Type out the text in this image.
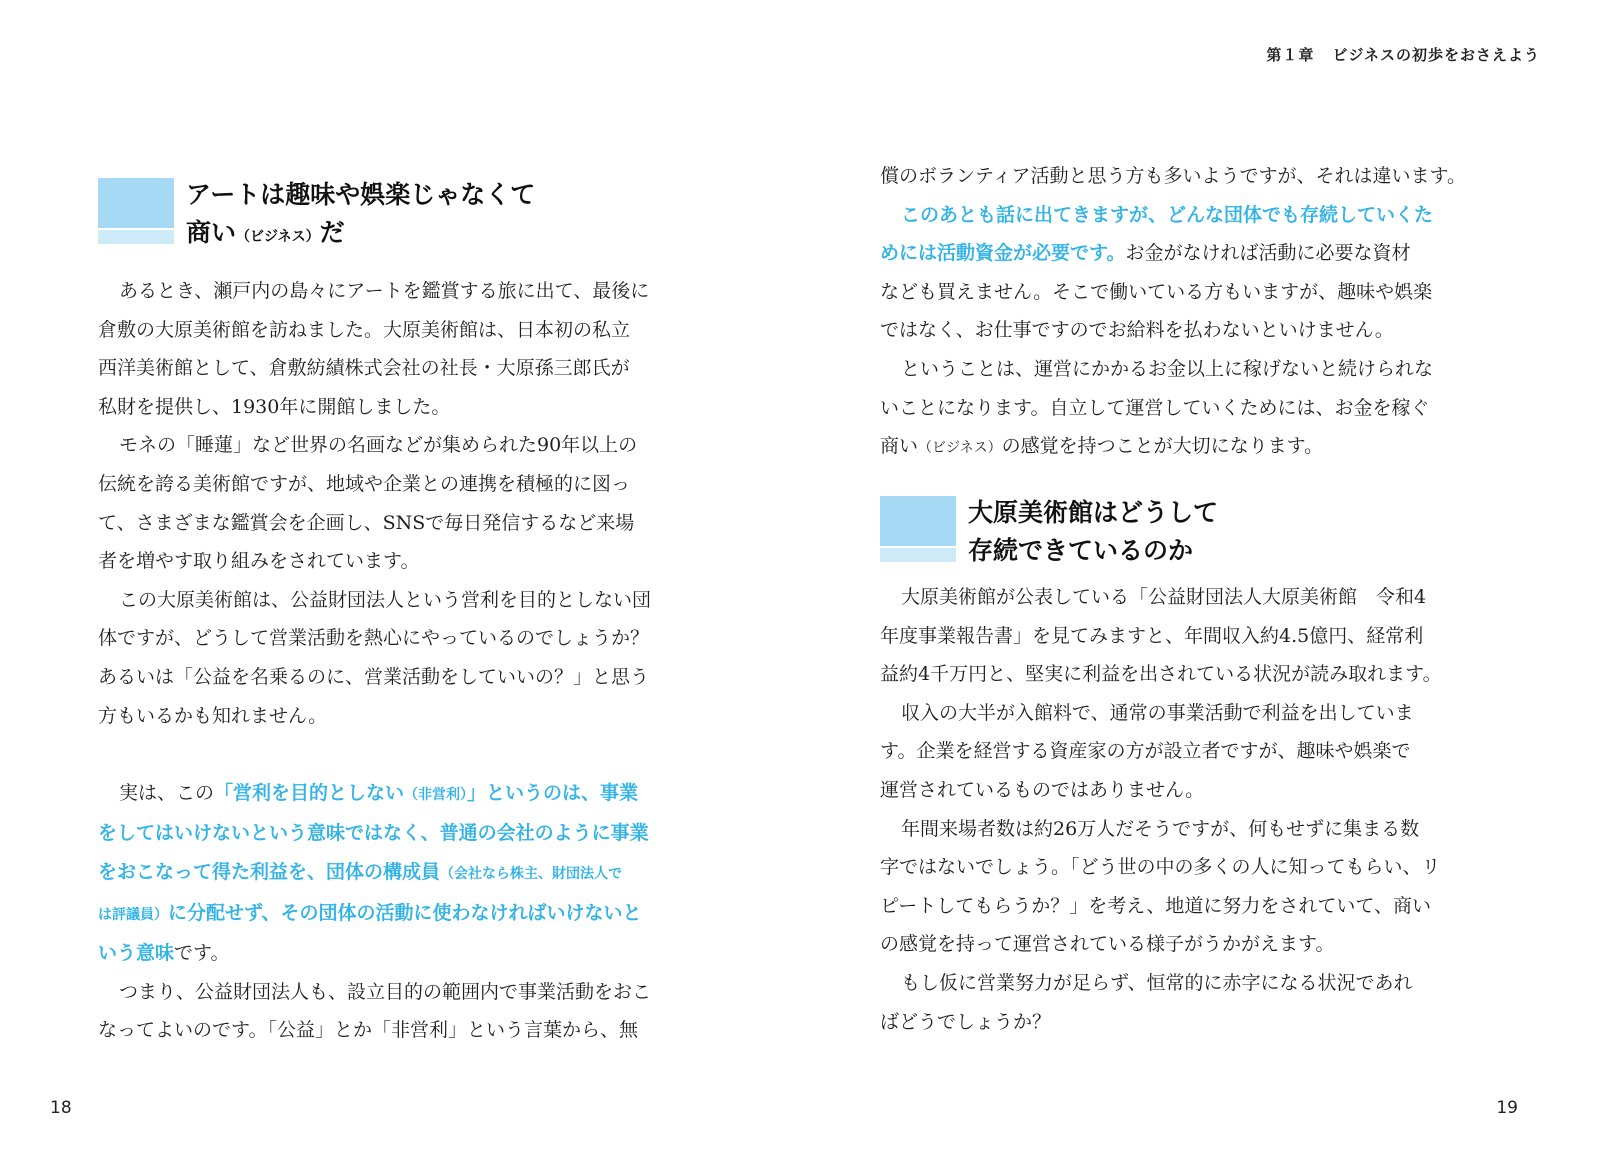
アートは趣味や娯楽じゃなくて
商い（ビジネス）だ

あるとき、瀬戸内の島々にアートを鑑賞する旅に出て、最後に

倉敷の大原美術館を訪ねました。大原美術館は、日本初の私立

西洋美術館として、倉敷紡績株式会社の社長・大原孫三郎氏が

私財を提供し、1930年に開館しました。

モネの「睡蓮」など世界の名画などが集められた90年以上の

伝統を誇る美術館ですが、地域や企業との連携を積極的に図っ

て、さまざまな鑑賞会を企画し、SNSで毎日発信するなど来場

者を増やす取り組みをされています。

この大原美術館は、公益財団法人という営利を目的としない団

体ですが、どうして営業活動を熱心にやっているのでしょうか？

あるいは「公益を名乗るのに、営業活動をしていいの？」と思う

方もいるかも知れません。

実は、この「営利を目的としない（非営利）」というのは、事業

をしてはいけないという意味ではなく、普通の会社のように事業

をおこなって得た利益を、団体の構成員（会社なら株主、財団法人で

は評議員）に分配せず、その団体の活動に使わなければいけないと

いう意味です。

つまり、公益財団法人も、設立目的の範囲内で事業活動をおこ

なってよいのです。「公益」とか「非営利」という言葉から、無

18
第１章 ビジネスの初歩をおさえよう

償のボランティア活動と思う方も多いようですが、それは違います。

このあとも話に出てきますが、どんな団体でも存続していくた

めには活動資金が必要です。お金がなければ活動に必要な資材

なども買えません。そこで働いている方もいますが、趣味や娯楽

ではなく、お仕事ですのでお給料を払わないといけません。

ということは、運営にかかるお金以上に稼げないと続けられな

いことになります。自立して運営していくためには、お金を稼ぐ

商い（ビジネス）の感覚を持つことが大切になります。

大原美術館はどうして
存続できているのか

大原美術館が公表している「公益財団法人大原美術館　令和4

年度事業報告書」を見てみますと、年間収入約4.5億円、経常利

益約4千万円と、堅実に利益を出されている状況が読み取れます。

収入の大半が入館料で、通常の事業活動で利益を出していま

す。企業を経営する資産家の方が設立者ですが、趣味や娯楽で

運営されているものではありません。

年間来場者数は約26万人だそうですが、何もせずに集まる数

字ではないでしょう。「どう世の中の多くの人に知ってもらい、リ

ピートしてもらうか？」を考え、地道に努力をされていて、商い

の感覚を持って運営されている様子がうかがえます。

もし仮に営業努力が足らず、恒常的に赤字になる状況であれ

ばどうでしょうか？

19
